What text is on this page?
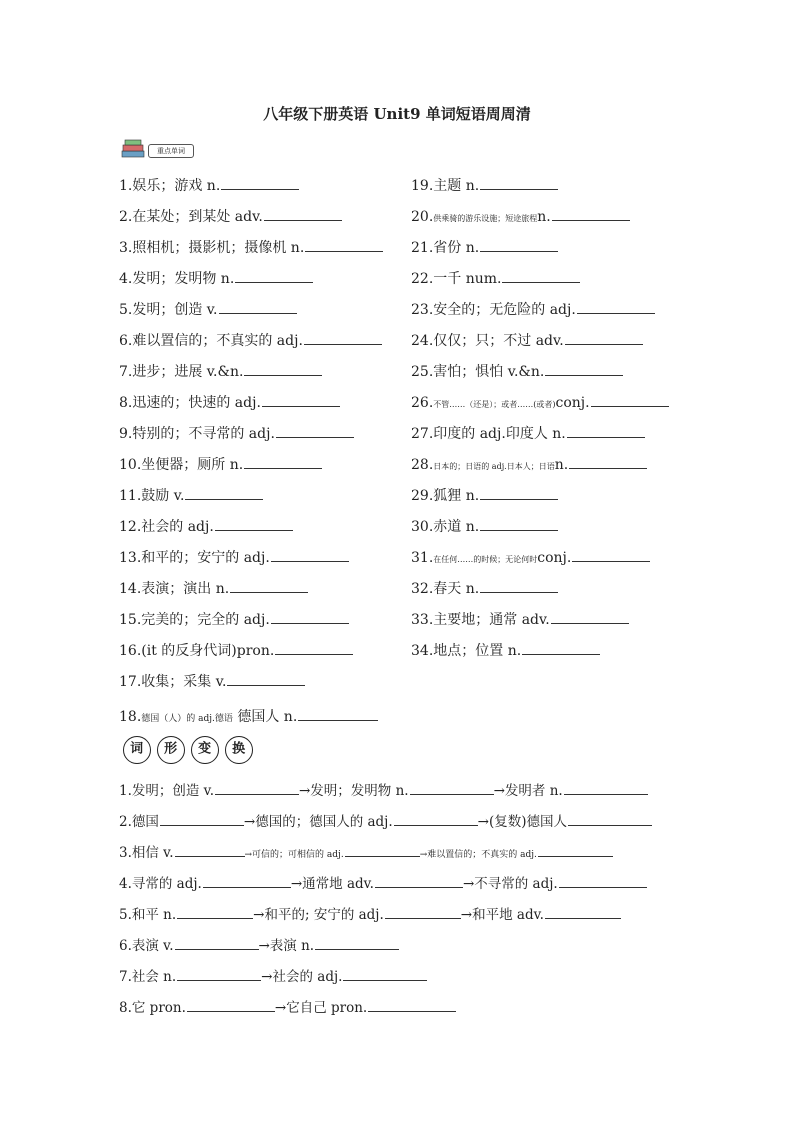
八年级下册英语 Unit9 单词短语周周清
重点单词
1.娱乐；游戏 n.
2.在某处；到某处 adv.
3.照相机；摄影机；摄像机 n.
4.发明；发明物 n.
5.发明；创造 v.
6.难以置信的；不真实的 adj.
7.进步；进展 v.&n.
8.迅速的；快速的 adj.
9.特别的；不寻常的 adj.
10.坐便器；厕所 n.
11.鼓励 v.
12.社会的 adj.
13.和平的；安宁的 adj.
14.表演；演出 n.
15.完美的；完全的 adj.
16.(it 的反身代词)pron.
17.收集；采集 v.
19.主题 n.
20.供乘骑的游乐设施；短途旅程n.
21.省份 n.
22.一千 num.
23.安全的；无危险的 adj.
24.仅仅；只；不过 adv.
25.害怕；惧怕 v.&n.
26.不管……（还是）；或者……(或者)conj.
27.印度的 adj.印度人 n.
28.日本的；日语的 adj.日本人；日语n.
29.狐狸 n.
30.赤道 n.
31.在任何……的时候；无论何时conj.
32.春天 n.
33.主要地；通常 adv.
34.地点；位置 n.
18.德国（人）的 adj.德语 德国人 n.
词 形 变 换
1.发明；创造 v.	→发明；发明物 n.	→发明者 n.
2.德国	→德国的；德国人的 adj.	→(复数)德国人
3.相信 v.	→可信的；可相信的 adj.	→难以置信的；不真实的 adj.
4.寻常的 adj.	→通常地 adv.	→不寻常的 adj.
5.和平 n.	→和平的; 安宁的 adj.	→和平地 adv.
6.表演 v.	→表演 n.
7.社会 n.	→社会的 adj.
8.它 pron.	→它自己 pron.
